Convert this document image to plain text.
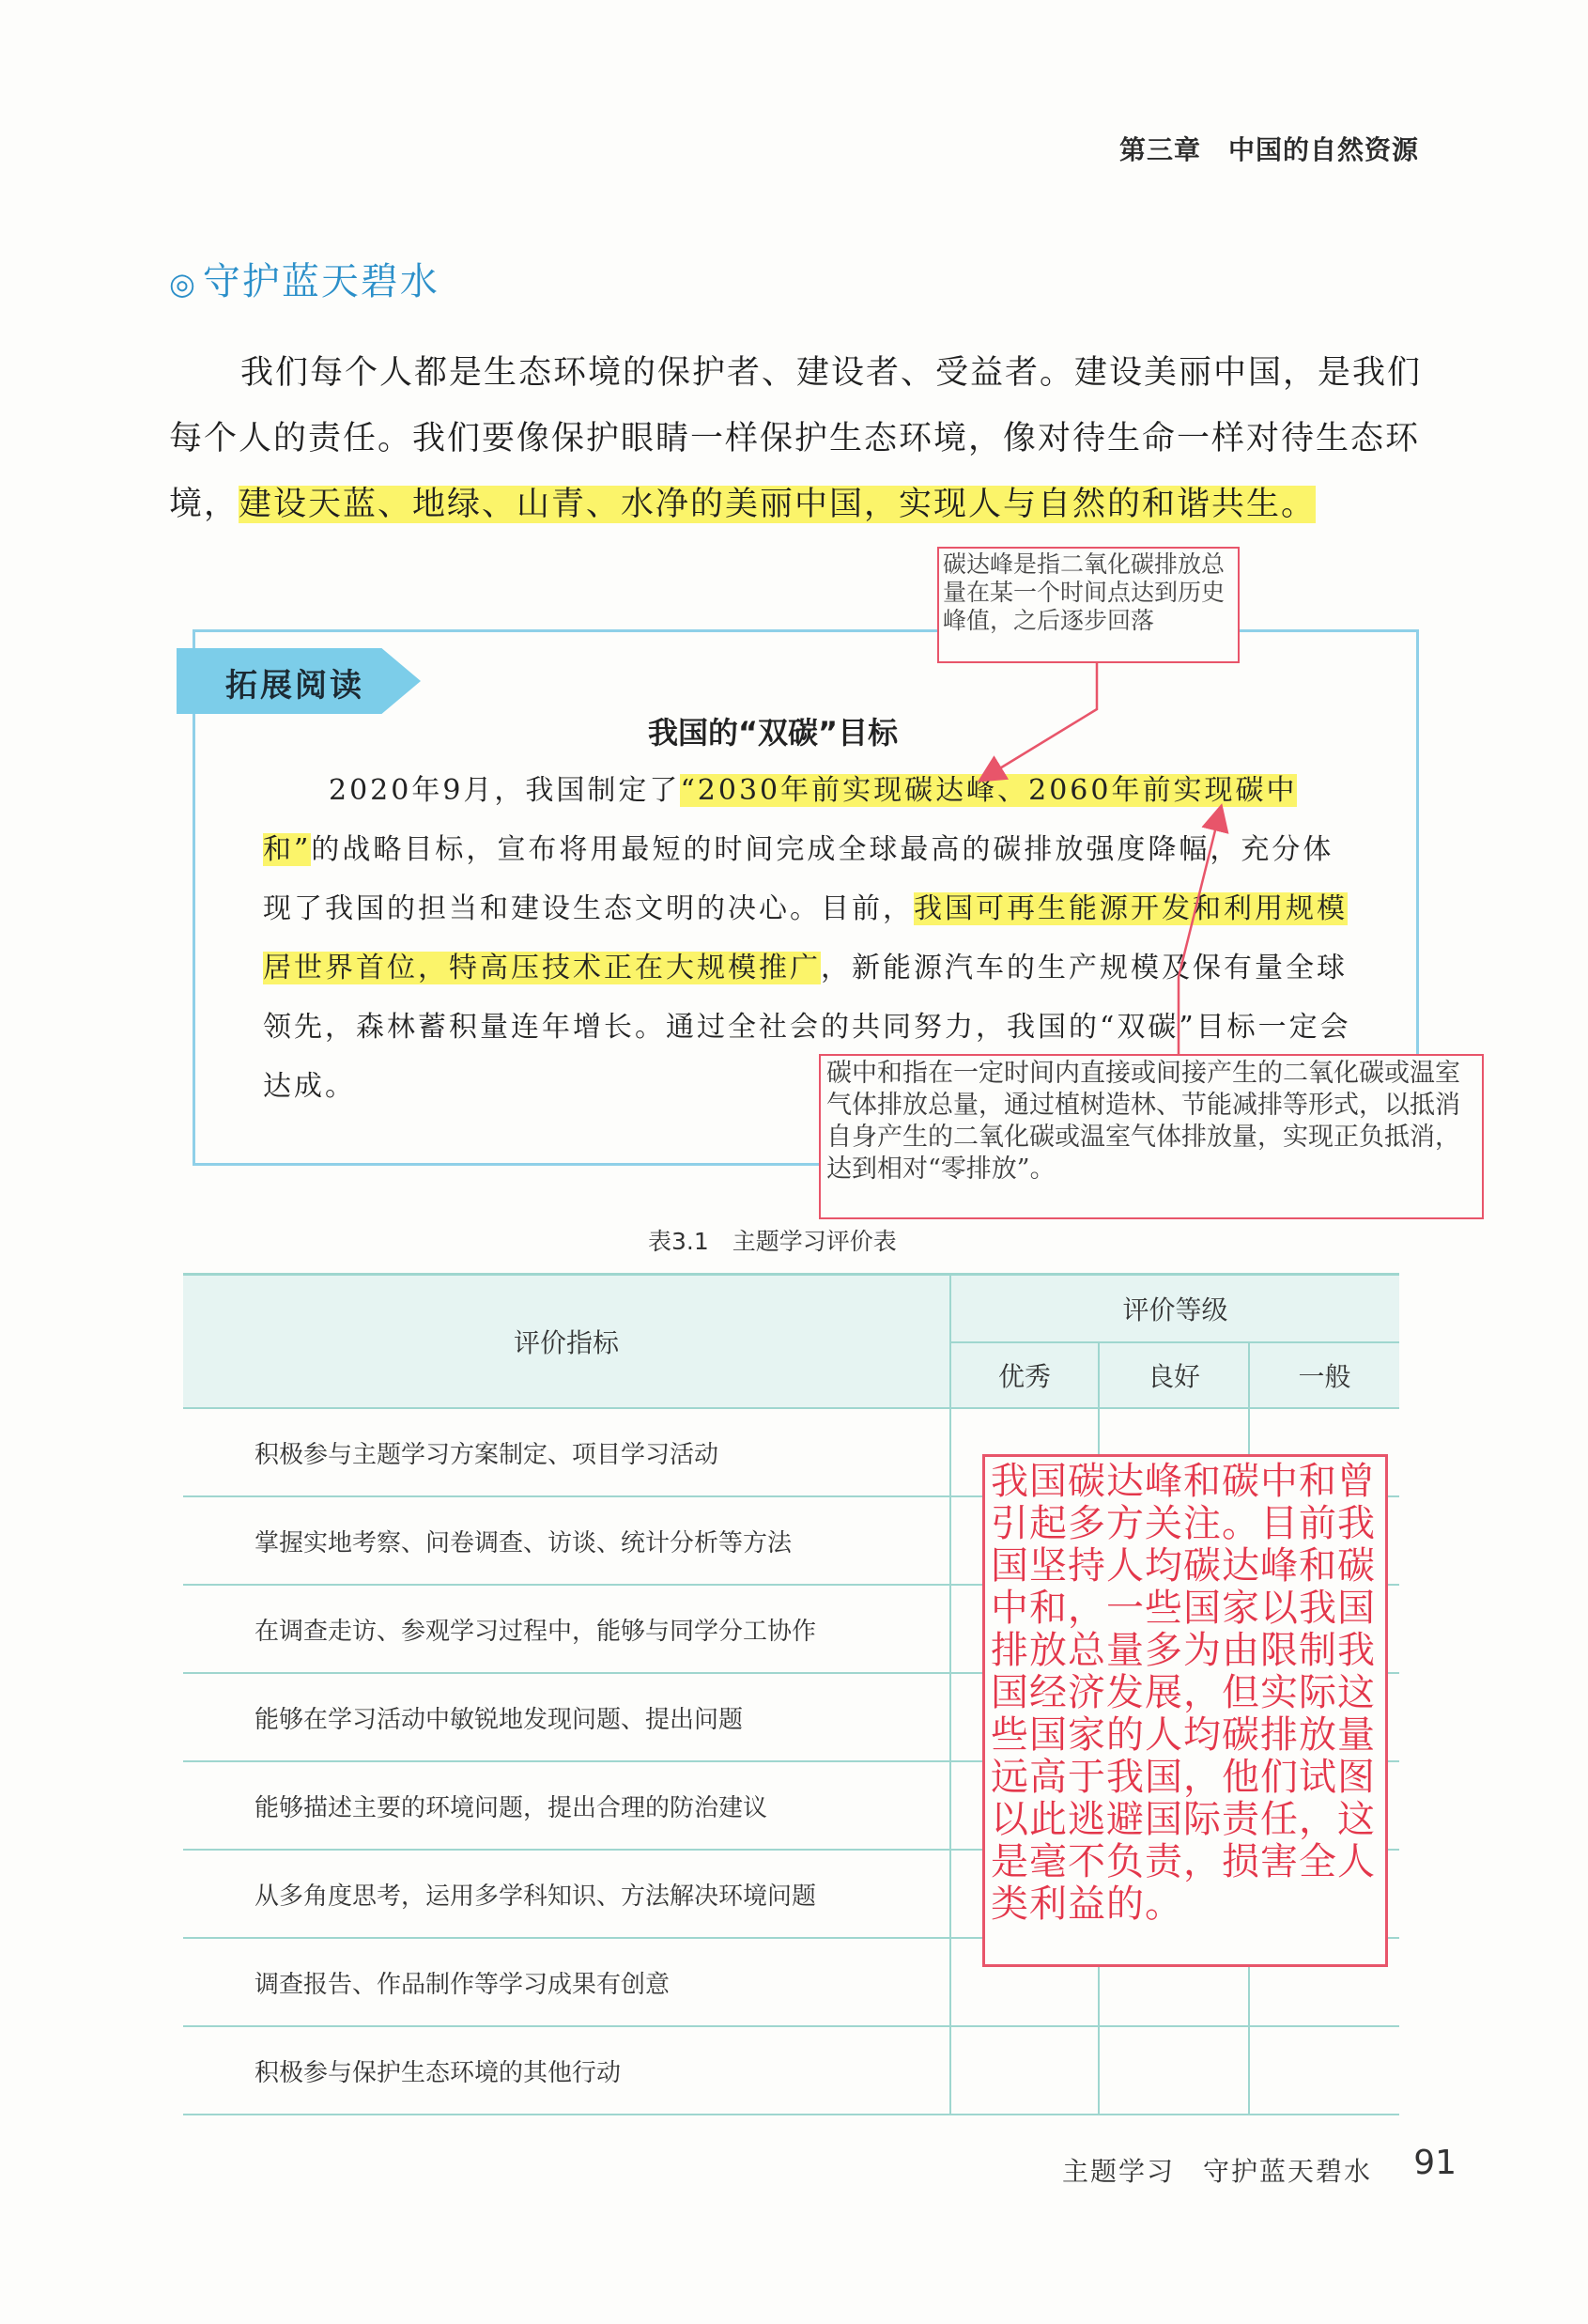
第三章　中国的自然资源
◎ 守护蓝天碧水
我们每个人都是生态环境的保护者、建设者、受益者。建设美丽中国，是我们每个人的责任。我们要像保护眼睛一样保护生态环境，像对待生命一样对待生态环境，建设天蓝、地绿、山青、水净的美丽中国，实现人与自然的和谐共生。
拓展阅读
我国的“双碳”目标
2020年9月，我国制定了“2030年前实现碳达峰、2060年前实现碳中和”的战略目标，宣布将用最短的时间完成全球最高的碳排放强度降幅，充分体现了我国的担当和建设生态文明的决心。目前，我国可再生能源开发和利用规模居世界首位，特高压技术正在大规模推广，新能源汽车的生产规模及保有量全球领先，森林蓄积量连年增长。通过全社会的共同努力，我国的“双碳”目标一定会达成。
表3.1　主题学习评价表
评价指标	评价等级		
	优秀	良好	一般
积极参与主题学习方案制定、项目学习活动			
掌握实地考察、问卷调查、访谈、统计分析等方法			
在调查走访、参观学习过程中，能够与同学分工协作			
能够在学习活动中敏锐地发现问题、提出问题			
能够描述主要的环境问题，提出合理的防治建议			
从多角度思考，运用多学科知识、方法解决环境问题			
调查报告、作品制作等学习成果有创意			
积极参与保护生态环境的其他行动			
碳达峰是指二氧化碳排放总量在某一个时间点达到历史峰值，之后逐步回落
碳中和指在一定时间内直接或间接产生的二氧化碳或温室气体排放总量，通过植树造林、节能减排等形式，以抵消自身产生的二氧化碳或温室气体排放量，实现正负抵消，达到相对“零排放”。
我国碳达峰和碳中和曾引起多方关注。目前我国坚持人均碳达峰和碳中和，一些国家以我国排放总量多为由限制我国经济发展，但实际这些国家的人均碳排放量远高于我国，他们试图以此逃避国际责任，这是毫不负责，损害全人类利益的。
主题学习　守护蓝天碧水 91
